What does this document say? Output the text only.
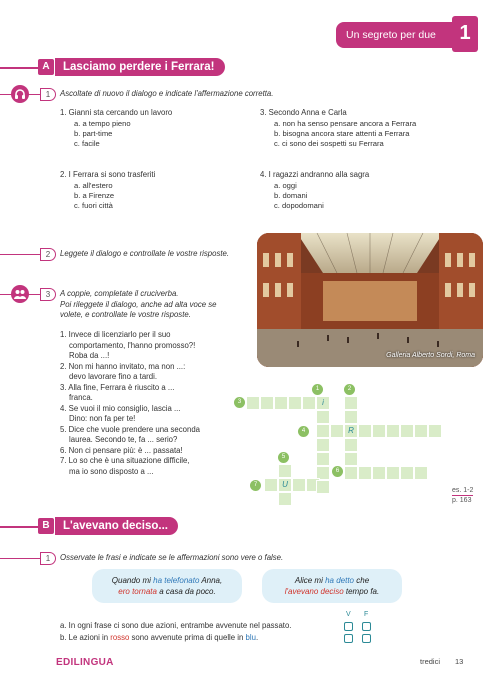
Un segreto per due	1
A	Lasciamo perdere i Ferrara!
1	Ascoltate di nuovo il dialogo e indicate l'affermazione corretta.
1. Gianni sta cercando un lavoro
a. a tempo pieno
b. part-time
c. facile
2. I Ferrara si sono trasferiti
a. all'estero
b. a Firenze
c. fuori città
3. Secondo Anna e Carla
a. non ha senso pensare ancora a Ferrara
b. bisogna ancora stare attenti a Ferrara
c. ci sono dei sospetti su Ferrara
4. I ragazzi andranno alla sagra
a. oggi
b. domani
c. dopodomani
2	Leggete il dialogo e controllate le vostre risposte.
Galleria Alberto Sordi, Roma
3	A coppie, completate il cruciverba.
Poi rileggete il dialogo, anche ad alta voce se
volete, e controllate le vostre risposte.
1. Invece di licenziarlo per il suo
comportamento, l'hanno promosso?!
Roba da ...!
2. Non mi hanno invitato, ma non ...:
devo lavorare fino a tardi.
3. Alla fine, Ferrara è riuscito a ...
franca.
4. Se vuoi il mio consiglio, lascia ...
Dino: non fa per te!
5. Dice che vuole prendere una seconda
laurea. Secondo te, fa ... serio?
6. Non ci pensare più: è ... passata!
7. Lo so che è una situazione difficile,
ma io sono disposto a ...
1	2
3	i
4	R
5
U
6
7
es. 1-2
p. 163
B	L'avevano deciso...
1	Osservate le frasi e indicate se le affermazioni sono vere o false.
Quando mi ha telefonato Anna,
ero tornata a casa da poco.
Alice mi ha detto che
l'avevano deciso tempo fa.
V F
a. In ogni frase ci sono due azioni, entrambe avvenute nel passato.
b. Le azioni in rosso sono avvenute prima di quelle in blu.
EDILINGUA	tredici 13
